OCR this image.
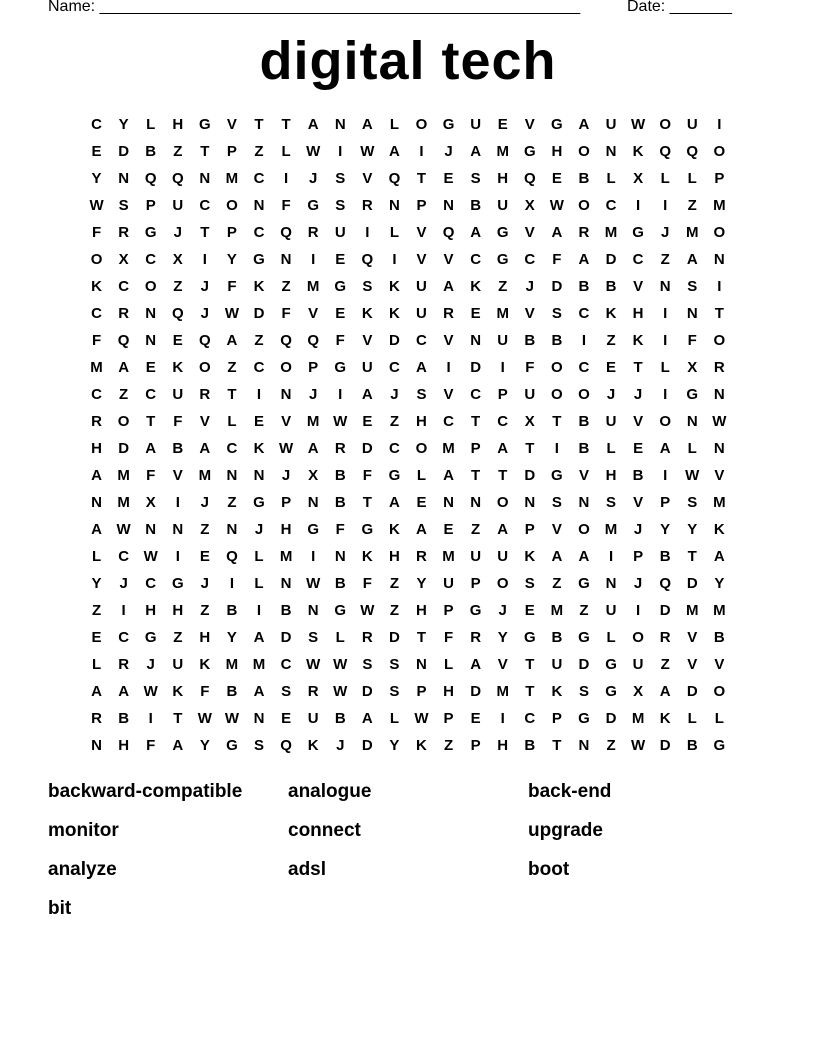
Name: ______________________________________________________	Date: _______
digital tech
C	Y	L	H	G	V	T	T	A	N	A	L	O	G	U	E	V	G	A	U W O	U	I
E	D	B	Z	T	P	Z	L	W	I	W A	I	J	A	M	G	H	O	N	K	Q	Q	O
Y	N	Q	Q	N	M	C	I	J	S	V	Q	T	E	S	H	Q	E	B	L	X	L	L	P
W S	P	U	C	O	N	F	G	S	R	N	P	N	B	U	X W O	C	I	I	Z	M
F	R	G	J	T	P	C	Q	R	U	I	L	V	Q	A	G	V	A	R	M	G	J	M	O
O	X	C	X	I	Y	G	N	I	E	Q	I	V	V	C	G	C	F	A	D	C	Z	A	N
K	C	O	Z	J	F	K	Z	M	G	S	K	U	A	K	Z	J	D	B	B	V	N	S	I
C	R	N	Q	J	W D	F	V	E	K	K	U	R	E	M	V	S	C	K	H	I	N	T
F	Q	N	E	Q	A	Z	Q	Q	F	V	D	C	V	N	U	B	B	I	Z	K	I	F	O
M	A	E	K	O	Z	C	O	P	G	U	C	A	I	D	I	F	O	C	E	T	L	X	R
C	Z	C	U	R	T	I	N	J	I	A	J	S	V	C	P	U	O	O	J	J	I	G	N
R	O	T	F	V	L	E	V	M W E	Z	H	C	T	C	X	T	B	U	V	O	N W
H	D	A	B	A	C	K W A	R	D	C	O M	P	A	T	I	B	L	E	A	L	N
A	M	F	V	M	N	N	J	X	B	F	G	L	A	T	T	D	G	V	H	B	I	W V
N	M	X	I	J	Z	G	P	N	B	T	A	E	N	N	O	N	S	N	S	V	P	S	M
A W N	N	Z	N	J	H	G	F	G	K	A	E	Z	A	P	V	O M	J	Y	Y	K
L	C W	I	E	Q	L	M	I	N	K	H	R	M	U	U	K	A	A	I	P	B	T	A
Y	J	C	G	J	I	L	N W B	F	Z	Y	U	P	O	S	Z	G	N	J	Q	D	Y
Z	I	H	H	Z	B	I	B	N	G W	Z	H	P	G	J	E	M	Z	U	I	D	M M
E	C	G	Z	H	Y	A	D	S	L	R	D	T	F	R	Y	G	B	G	L	O	R	V	B
L	R	J	U	K	M M	C W W S	S	N	L	A	V	T	U	D	G	U	Z	V	V
A	A W K	F	B	A	S	R W D	S	P	H	D	M	T	K	S	G	X	A	D	O
R	B	I	T	W W N	E	U	B	A	L	W P	E	I	C	P	G	D	M	K	L	L
N	H	F	A	Y	G	S	Q	K	J	D	Y	K	Z	P	H	B	T	N	Z	W D	B	G
backward-compatible	analogue	back-end
monitor	connect	upgrade
analyze	adsl	boot
bit
